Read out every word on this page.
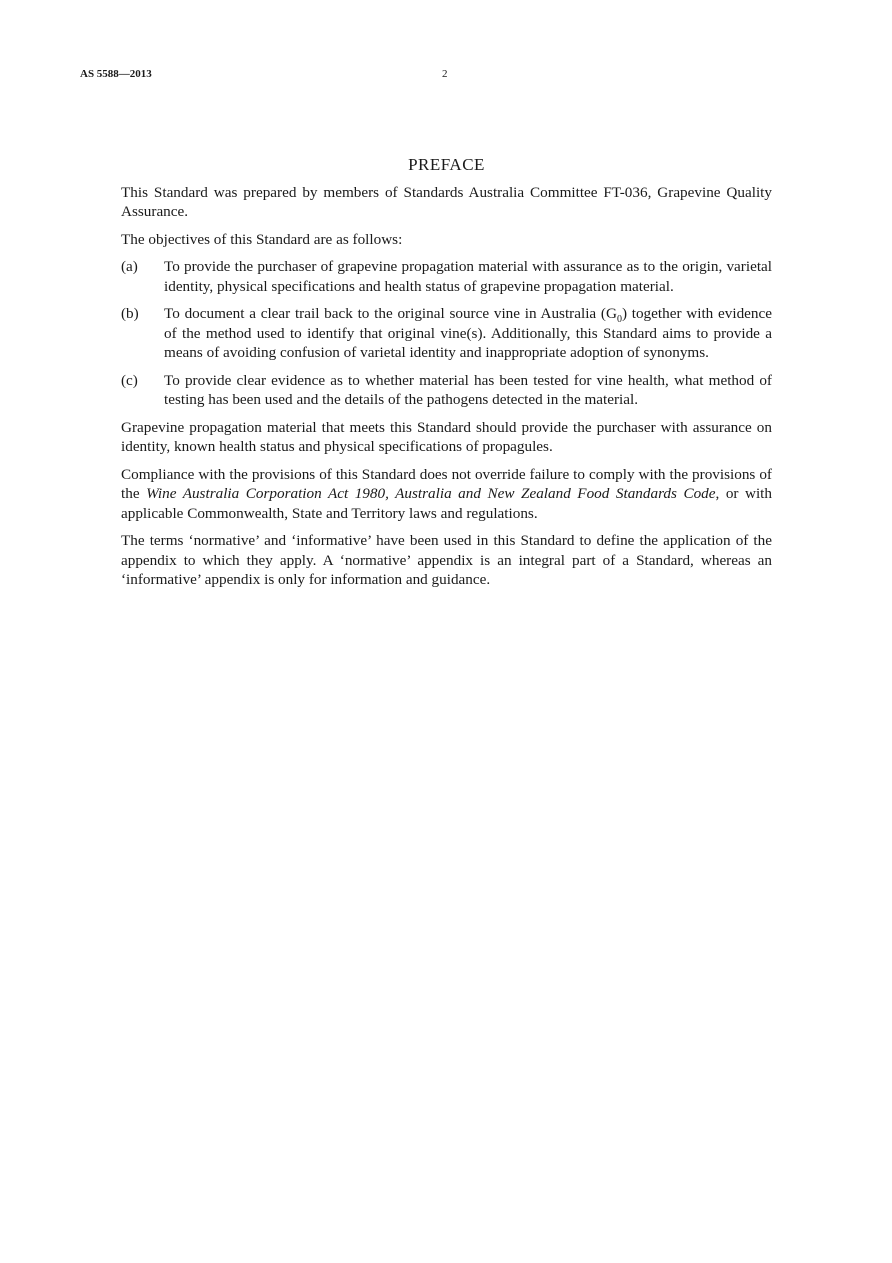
AS 5588—2013	2
PREFACE

This Standard was prepared by members of Standards Australia Committee FT-036, Grapevine Quality Assurance.

The objectives of this Standard are as follows:

(a) To provide the purchaser of grapevine propagation material with assurance as to the origin, varietal identity, physical specifications and health status of grapevine propagation material.
(b) To document a clear trail back to the original source vine in Australia $(G_0)$ together with evidence of the method used to identify that original vine(s). Additionally, this Standard aims to provide a means of avoiding confusion of varietal identity and inappropriate adoption of synonyms.
(c) To provide clear evidence as to whether material has been tested for vine health, what method of testing has been used and the details of the pathogens detected in the material.

Grapevine propagation material that meets this Standard should provide the purchaser with assurance on identity, known health status and physical specifications of propagules.

Compliance with the provisions of this Standard does not override failure to comply with the provisions of the Wine Australia Corporation Act 1980, Australia and New Zealand Food Standards Code, or with applicable Commonwealth, State and Territory laws and regulations.

The terms ‘normative’ and ‘informative’ have been used in this Standard to define the application of the appendix to which they apply. A ‘normative’ appendix is an integral part of a Standard, whereas an ‘informative’ appendix is only for information and guidance.
